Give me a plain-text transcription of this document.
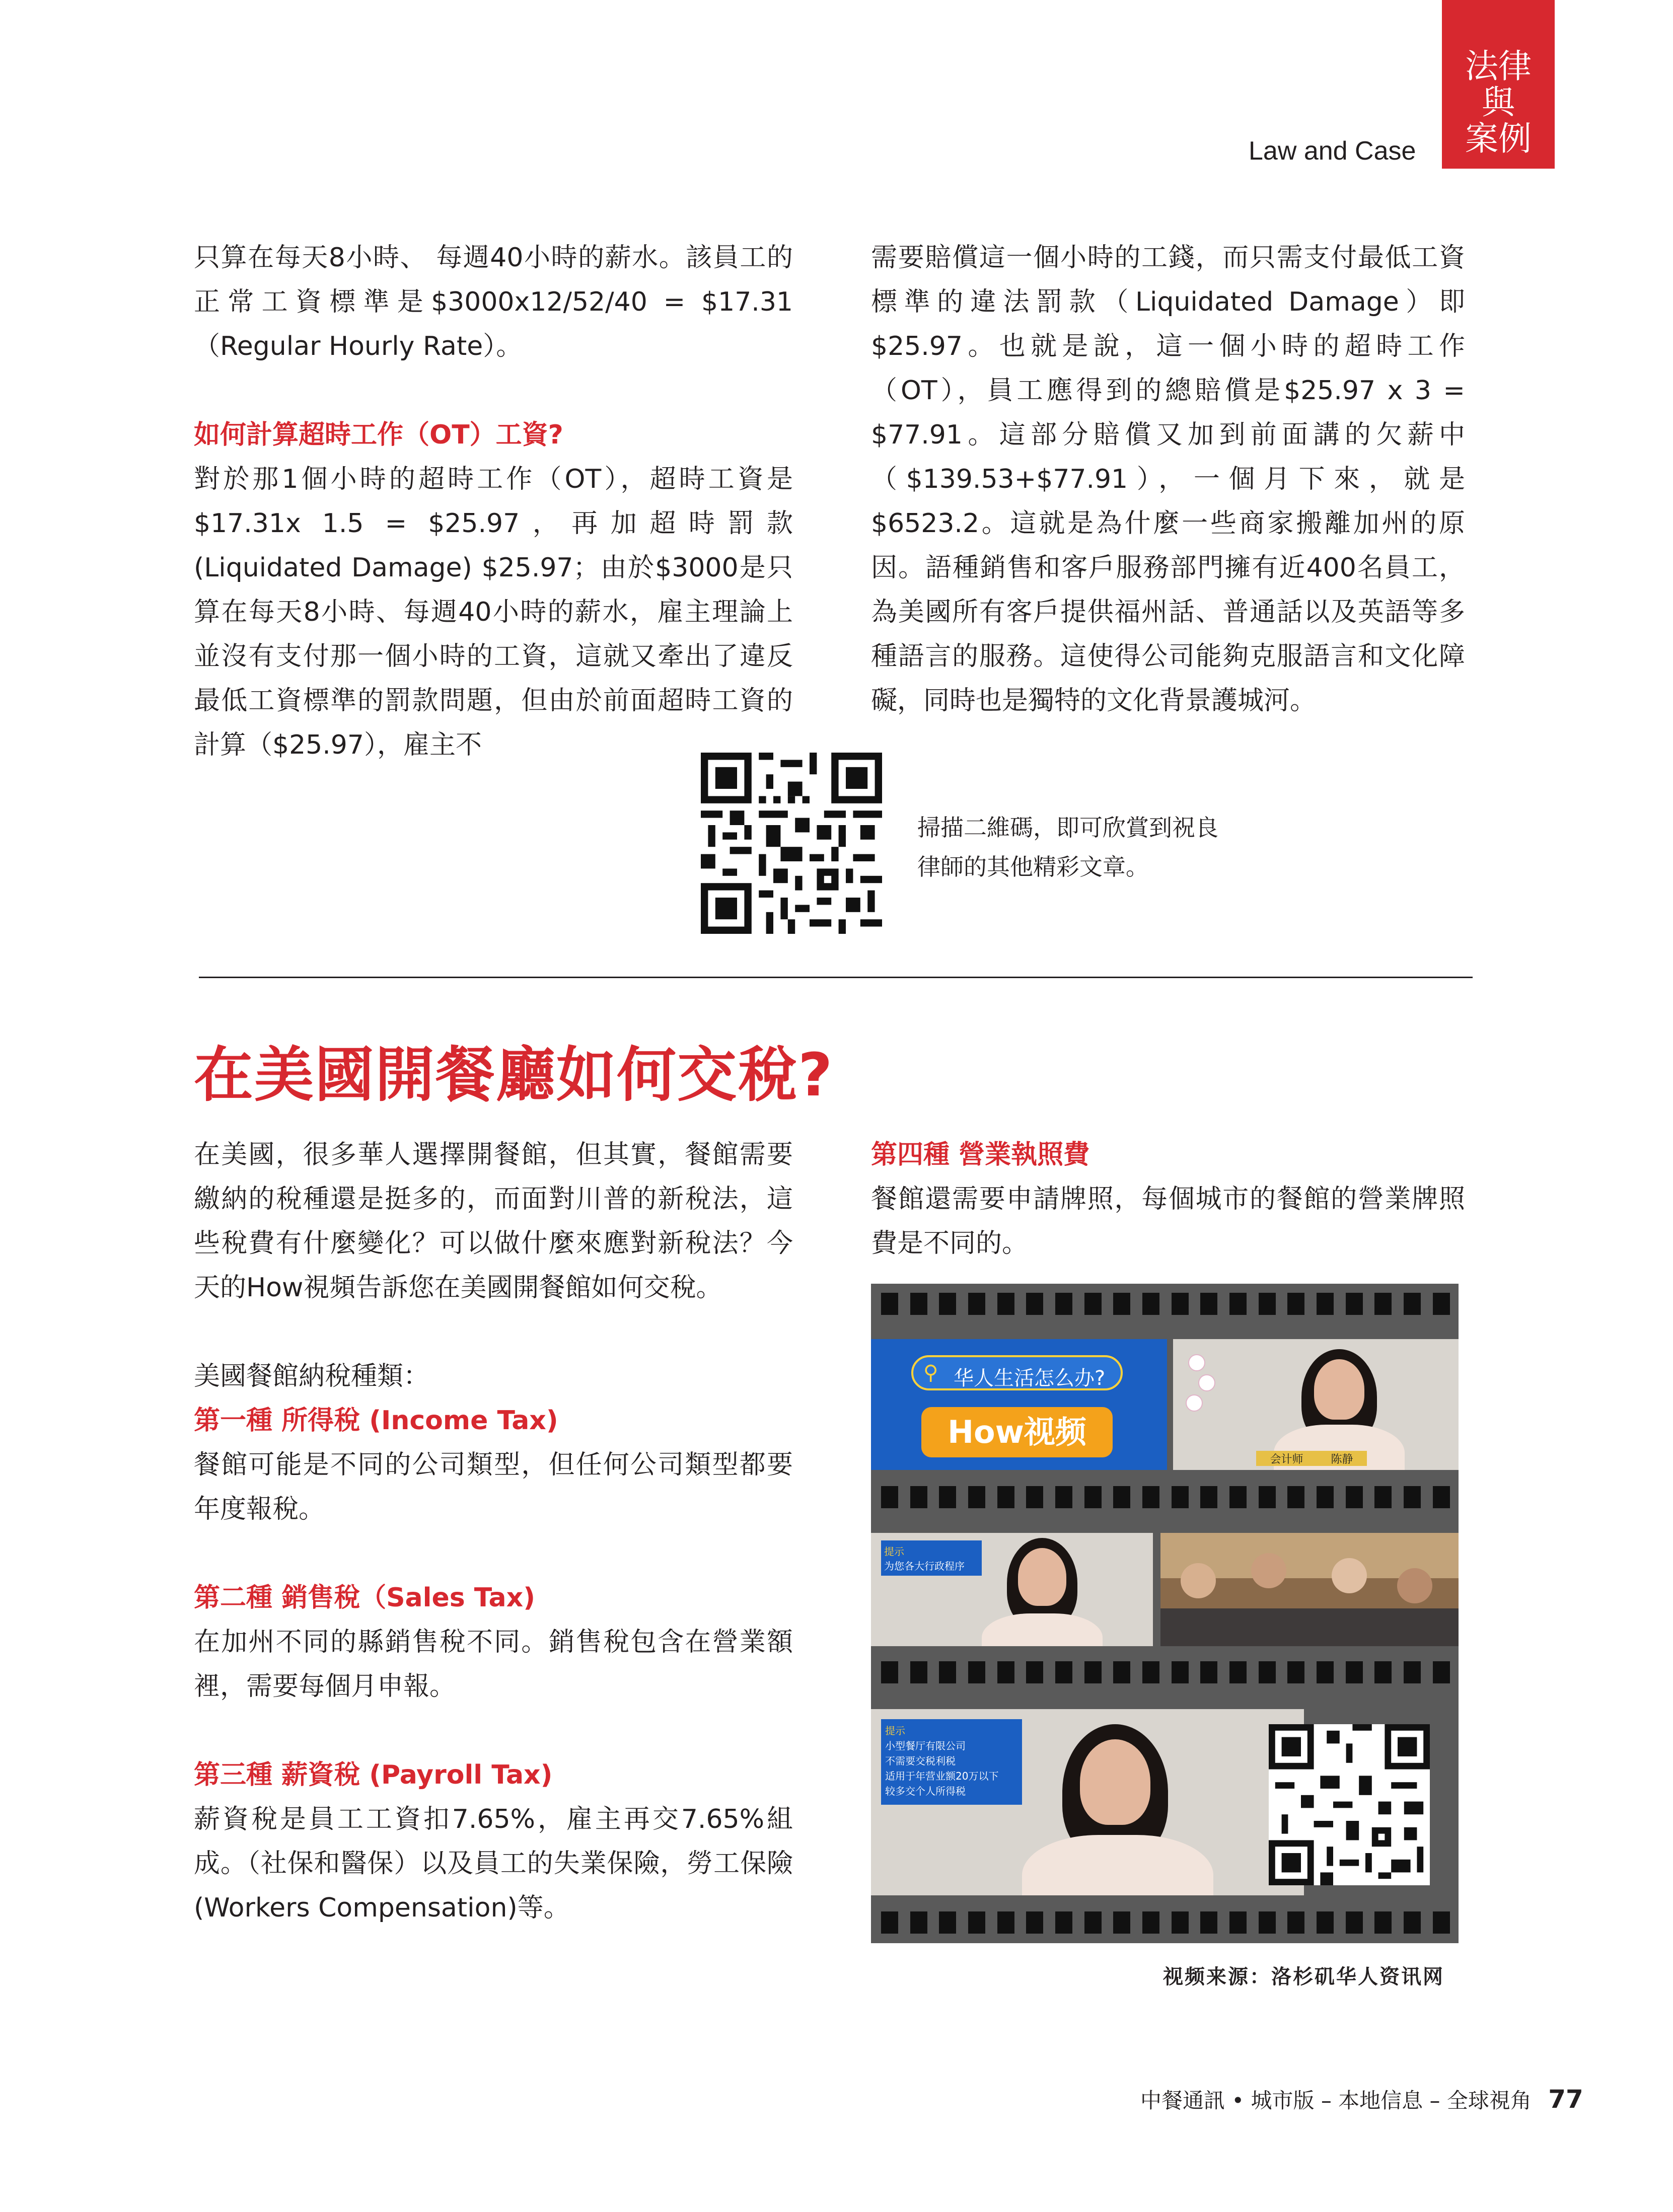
法律
與
案例
Law and Case

只算在每天8小時、 每週40小時的薪水。該員工的正常工資標準是$3000x12/52/40 = $17.31（Regular Hourly Rate）。

如何計算超時工作（OT）工資?

對於那1個小時的超時工作（OT），超時工資是$17.31x 1.5 = $25.97，再加超時罰款(Liquidated Damage) $25.97；由於$3000是只算在每天8小時、每週40小時的薪水，雇主理論上並沒有支付那一個小時的工資，這就又牽出了違反最低工資標準的罰款問題，但由於前面超時工資的計算（$25.97），雇主不

需要賠償這一個小時的工錢，而只需支付最低工資標準的違法罰款（Liquidated Damage）即$25.97。也就是說，這一個小時的超時工作（OT），員工應得到的總賠償是$25.97 x 3 = $77.91。這部分賠償又加到前面講的欠薪中（$139.53+$77.91），一個月下來，就是$6523.2。這就是為什麼一些商家搬離加州的原因。語種銷售和客戶服務部門擁有近400名員工，為美國所有客戶提供福州話、普通話以及英語等多種語言的服務。這使得公司能夠克服語言和文化障礙，同時也是獨特的文化背景護城河。

掃描二維碼，即可欣賞到祝良律師的其他精彩文章。
在美國開餐廳如何交稅?

在美國，很多華人選擇開餐館，但其實，餐館需要繳納的稅種還是挺多的，而面對川普的新稅法，這些稅費有什麼變化？可以做什麼來應對新稅法？今天的How視頻告訴您在美國開餐館如何交稅。

美國餐館納稅種類：

第一種 所得稅 (Income Tax)

餐館可能是不同的公司類型，但任何公司類型都要年度報稅。

第二種 銷售稅（Sales Tax)

在加州不同的縣銷售稅不同。銷售稅包含在營業額裡，需要每個月申報。

第三種 薪資稅 (Payroll Tax)

薪資稅是員工工資扣7.65%，雇主再交7.65%組成。（社保和醫保）以及員工的失業保險，勞工保險(Workers Compensation)等。

第四種 營業執照費

餐館還需要申請牌照，每個城市的餐館的營業牌照費是不同的。

⚲ 华人生活怎么办?
How视频
会计师 陈静
提示
为您各大行政程序
提示
小型餐厅有限公司
不需要交税利税
适用于年营业额20万以下
较多交个人所得税
视频来源：洛杉矶华人资讯网
中餐通訊 • 城市版 – 本地信息 – 全球視角 77
